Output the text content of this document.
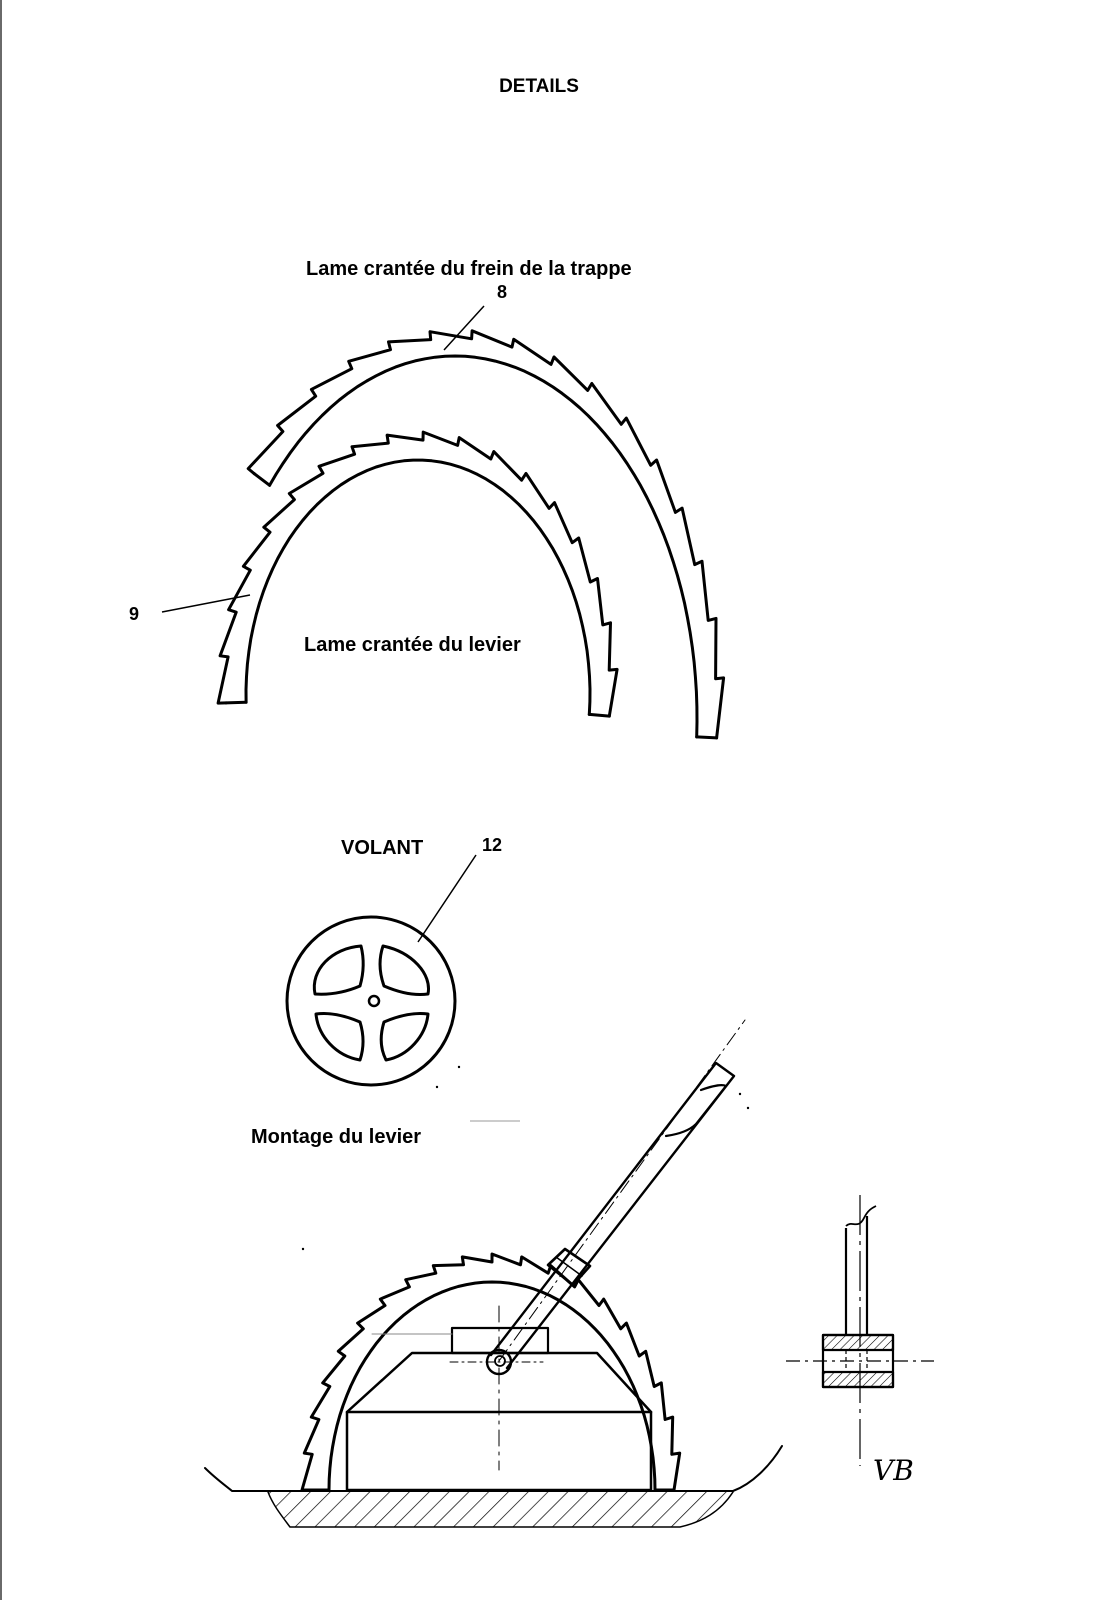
DETAILS
Lame crantée du frein de la trappe
8
9
Lame crantée du levier
VOLANT	12
Montage du levier
VB
